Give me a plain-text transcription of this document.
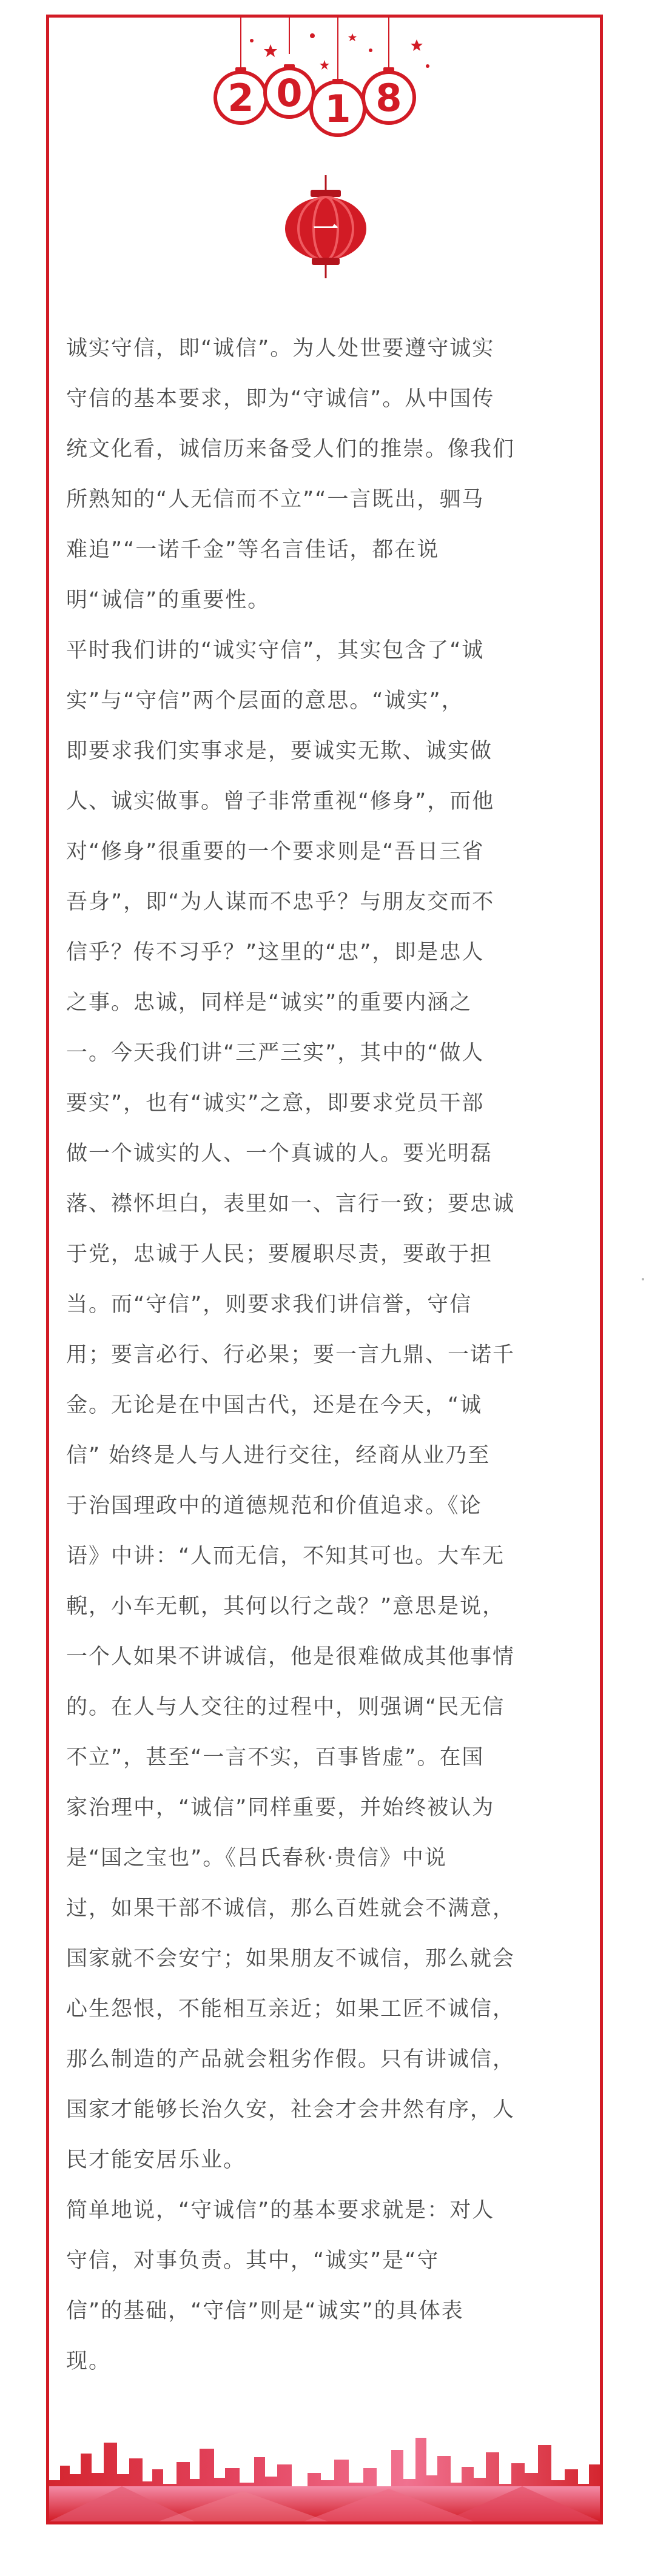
2 0 1 8
一

诚实守信，即“诚信”。为人处世要遵守诚实
守信的基本要求，即为“守诚信”。从中国传
统文化看，诚信历来备受人们的推崇。像我们
所熟知的“人无信而不立”“一言既出，驷马
难追”“一诺千金”等名言佳话，都在说
明“诚信”的重要性。

平时我们讲的“诚实守信”，其实包含了“诚
实”与“守信”两个层面的意思。“诚实”，
即要求我们实事求是，要诚实无欺、诚实做
人、诚实做事。曾子非常重视“修身”，而他
对“修身”很重要的一个要求则是“吾日三省
吾身”，即“为人谋而不忠乎？与朋友交而不
信乎？传不习乎？”这里的“忠”，即是忠人
之事。忠诚，同样是“诚实”的重要内涵之
一。今天我们讲“三严三实”，其中的“做人
要实”，也有“诚实”之意，即要求党员干部
做一个诚实的人、一个真诚的人。要光明磊
落、襟怀坦白，表里如一、言行一致；要忠诚
于党，忠诚于人民；要履职尽责，要敢于担
当。而“守信”，则要求我们讲信誉，守信
用；要言必行、行必果；要一言九鼎、一诺千
金。无论是在中国古代，还是在今天，“诚
信” 始终是人与人进行交往，经商从业乃至
于治国理政中的道德规范和价值追求。《论
语》中讲：“人而无信，不知其可也。大车无
輗，小车无軏，其何以行之哉？”意思是说，
一个人如果不讲诚信，他是很难做成其他事情
的。在人与人交往的过程中，则强调“民无信
不立”，甚至“一言不实，百事皆虚”。在国
家治理中，“诚信”同样重要，并始终被认为
是“国之宝也”。《吕氏春秋·贵信》中说
过，如果干部不诚信，那么百姓就会不满意，
国家就不会安宁；如果朋友不诚信，那么就会
心生怨恨，不能相互亲近；如果工匠不诚信，
那么制造的产品就会粗劣作假。只有讲诚信，
国家才能够长治久安，社会才会井然有序，人
民才能安居乐业。

简单地说，“守诚信”的基本要求就是：对人
守信，对事负责。其中，“诚实”是“守
信”的基础，“守信”则是“诚实”的具体表
现。
